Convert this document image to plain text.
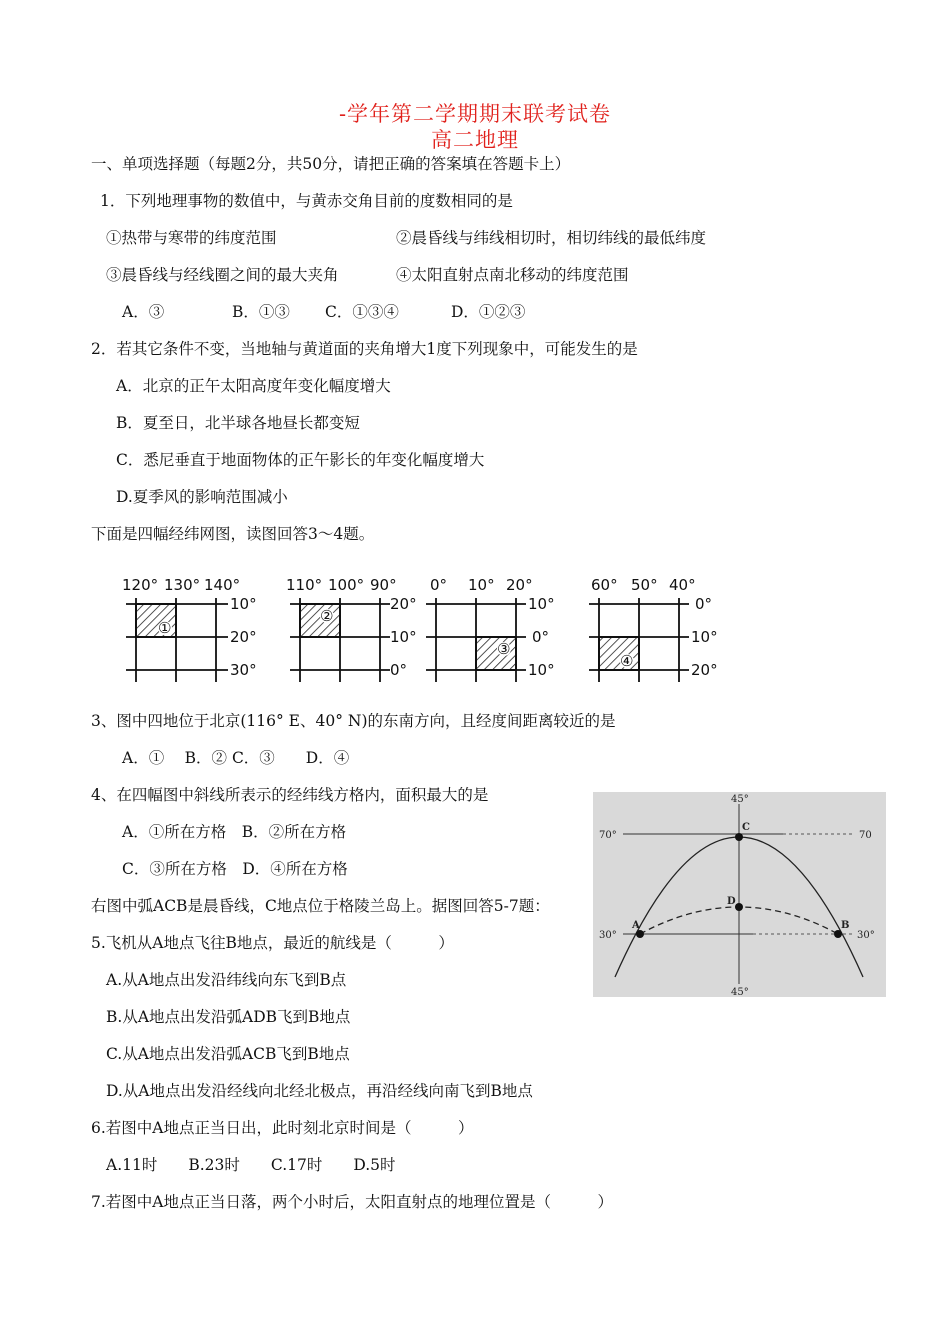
-学年第二学期期末联考试卷
高二地理
一、单项选择题（每题2分，共50分，请把正确的答案填在答题卡上）
1．下列地理事物的数值中，与黄赤交角目前的度数相同的是
①热带与寒带的纬度范围	②晨昏线与纬线相切时，相切纬线的最低纬度
③晨昏线与经线圈之间的最大夹角	④太阳直射点南北移动的纬度范围
A．③	B．①③ C．①③④	D．①②③
2．若其它条件不变，当地轴与黄道面的夹角增大1度下列现象中，可能发生的是
A．北京的正午太阳高度年变化幅度增大
B．夏至日，北半球各地昼长都变短
C．悉尼垂直于地面物体的正午影长的年变化幅度增大
D.夏季风的影响范围减小
下面是四幅经纬网图，读图回答3～4题。
120° 130° 140°
10°
20°
30°
①
110° 100° 90°
20°
10°
0°
②
0° 10° 20°
10°
0°
10°
③
60° 50° 40°
0°
10°
20°
④
3、图中四地位于北京(116° E、40° N)的东南方向，且经度间距离较近的是
A．①　 B．② C．③　　D．④
4、在四幅图中斜线所表示的经纬线方格内，面积最大的是
A．①所在方格　B．②所在方格
C．③所在方格　D．④所在方格
45°
45°
70°	70
30°	30°
C
D
A	B
右图中弧ACB是晨昏线，C地点位于格陵兰岛上。据图回答5-7题：
5.飞机从A地点飞往B地点，最近的航线是（　　　）
A.从A地点出发沿纬线向东飞到B点
B.从A地点出发沿弧ADB飞到B地点
C.从A地点出发沿弧ACB飞到B地点
D.从A地点出发沿经线向北经北极点，再沿经线向南飞到B地点
6.若图中A地点正当日出，此时刻北京时间是（　　　）
A.11时　　B.23时　　C.17时　　D.5时
7.若图中A地点正当日落，两个小时后，太阳直射点的地理位置是（　　　）
